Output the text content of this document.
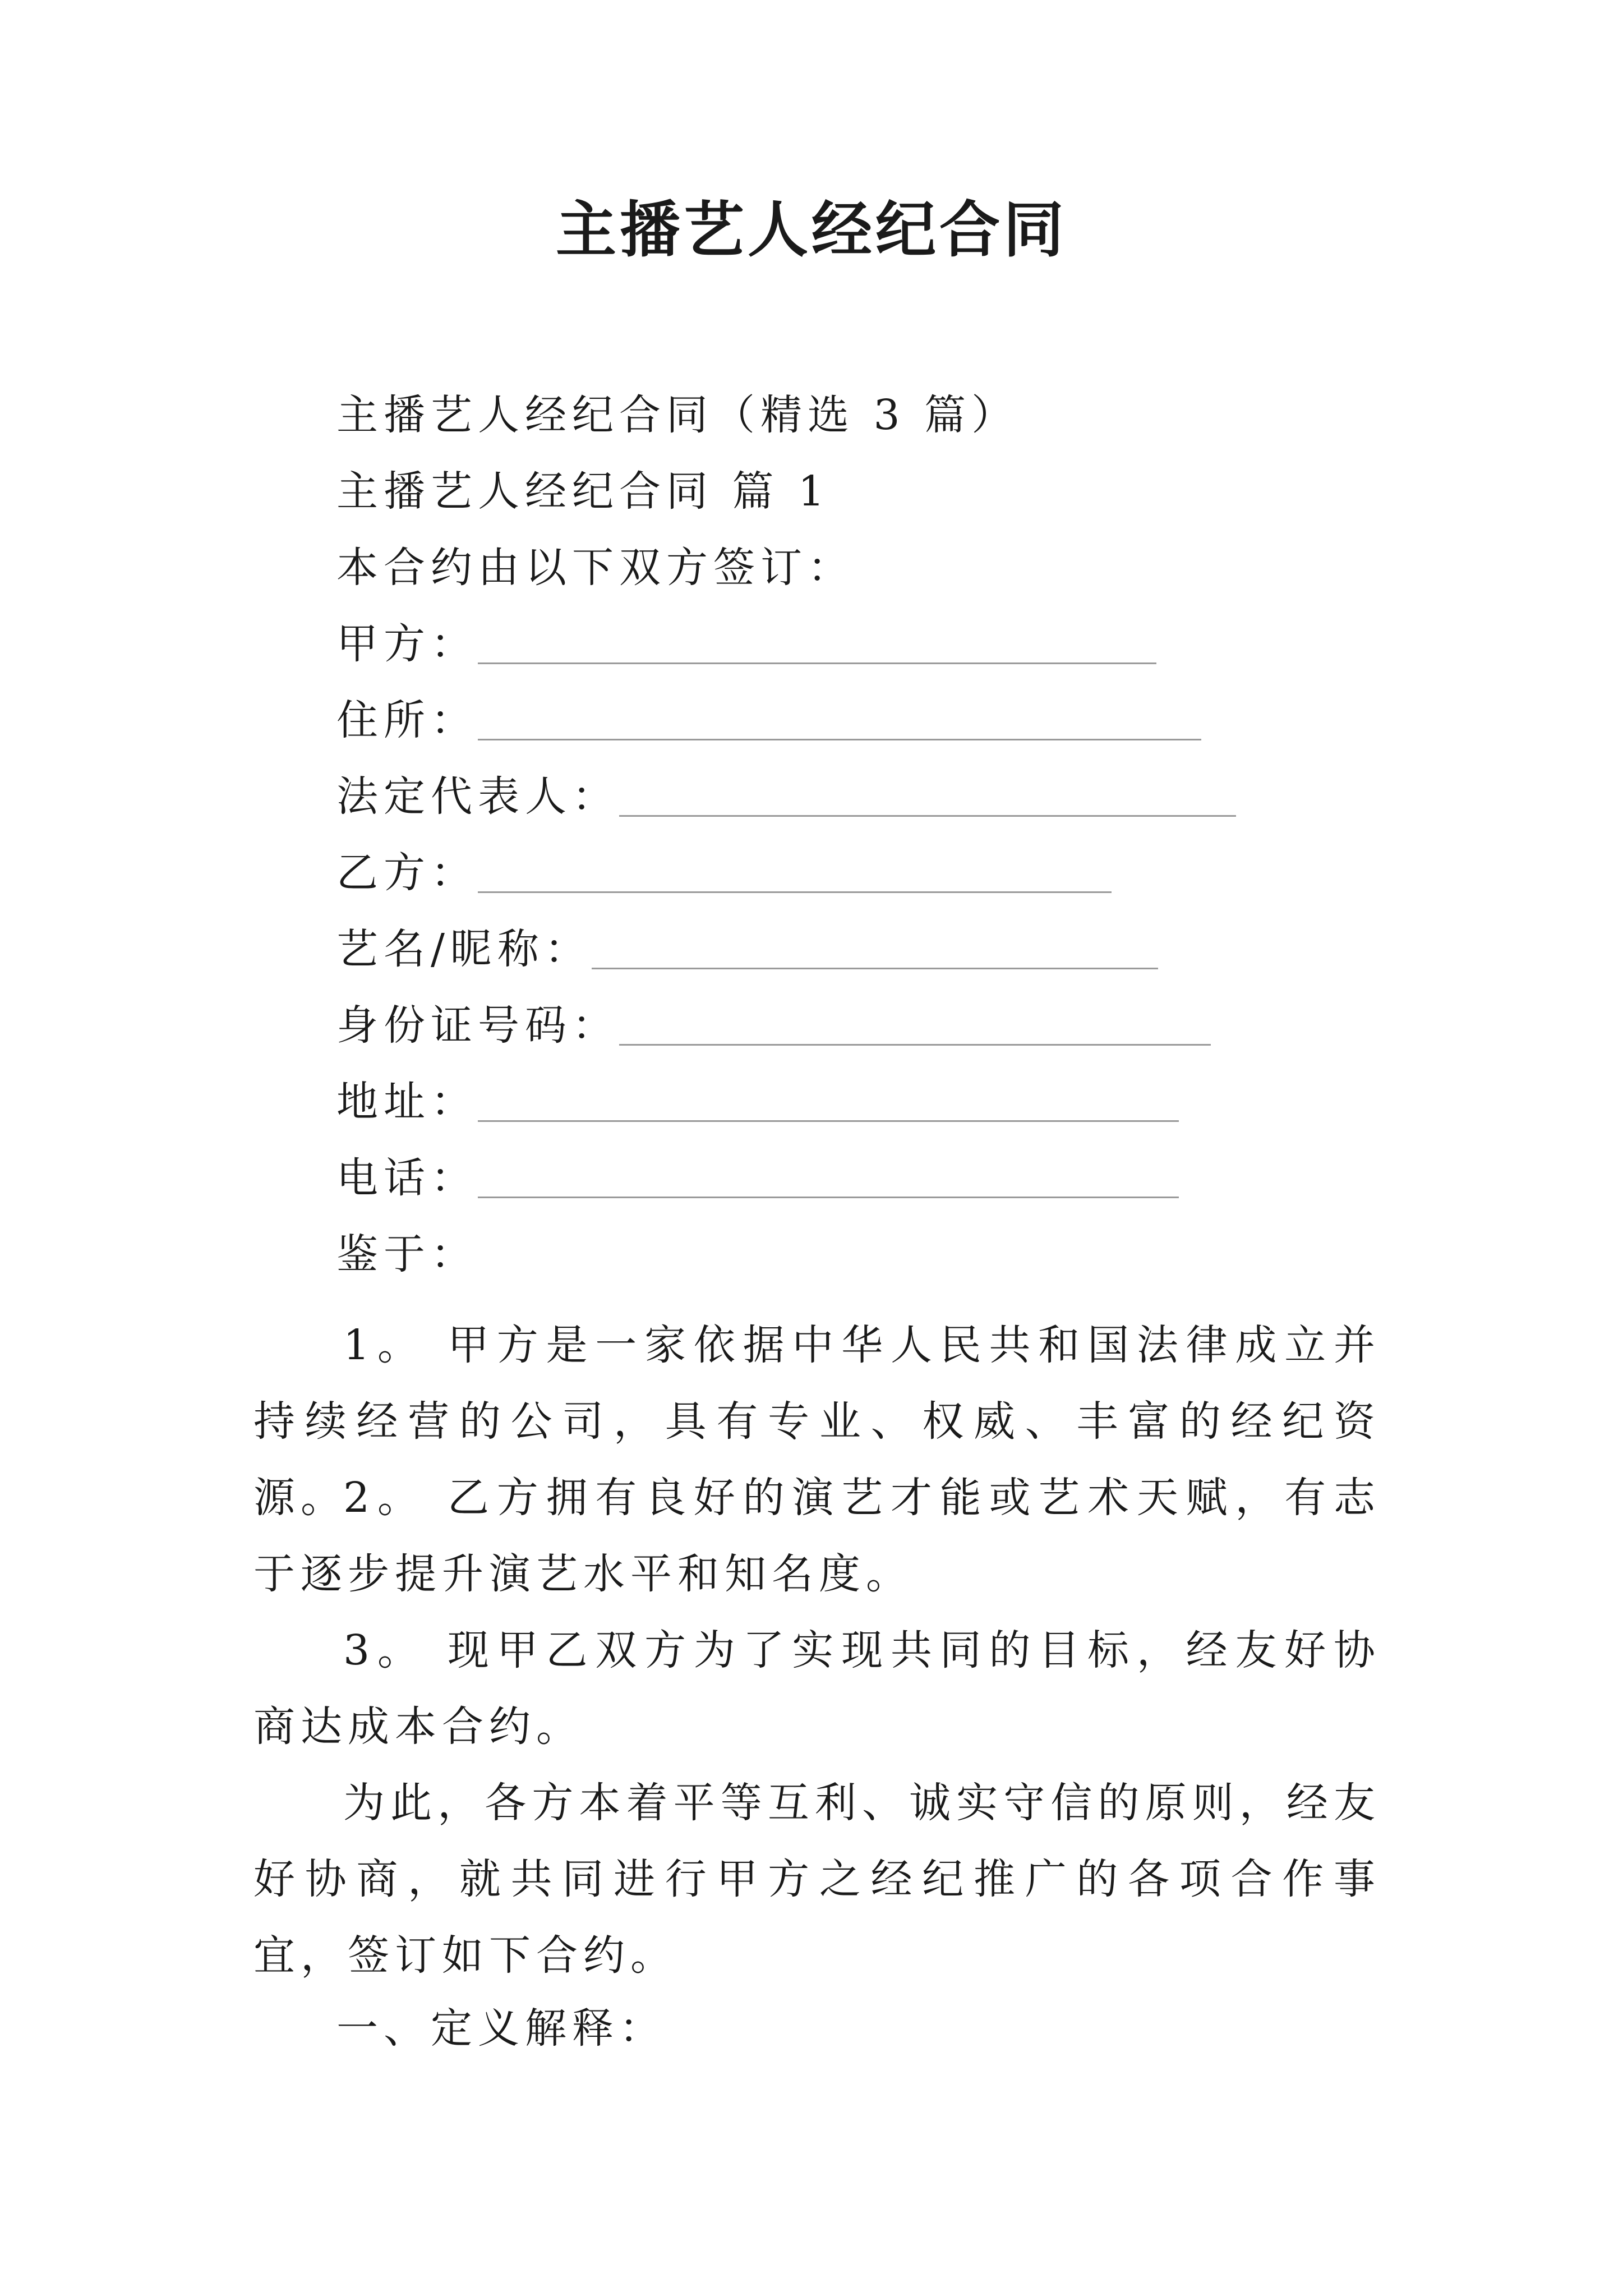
主播艺人经纪合同

主播艺人经纪合同（精选 3 篇）

主播艺人经纪合同 篇 1

本合约由以下双方签订：

甲方：
住所：
法定代表人：
乙方：
艺名/昵称：
身份证号码：
地址：
电话：

鉴于：

1。 甲方是一家依据中华人民共和国法律成立并持续经营的公司，具有专业、权威、丰富的经纪资源。

2。 乙方拥有良好的演艺才能或艺术天赋，有志于逐步提升演艺水平和知名度。

3。 现甲乙双方为了实现共同的目标，经友好协商达成本合约。

为此，各方本着平等互利、诚实守信的原则，经友好协商，就共同进行甲方之经纪推广的各项合作事宜，签订如下合约。

一、定义解释：
